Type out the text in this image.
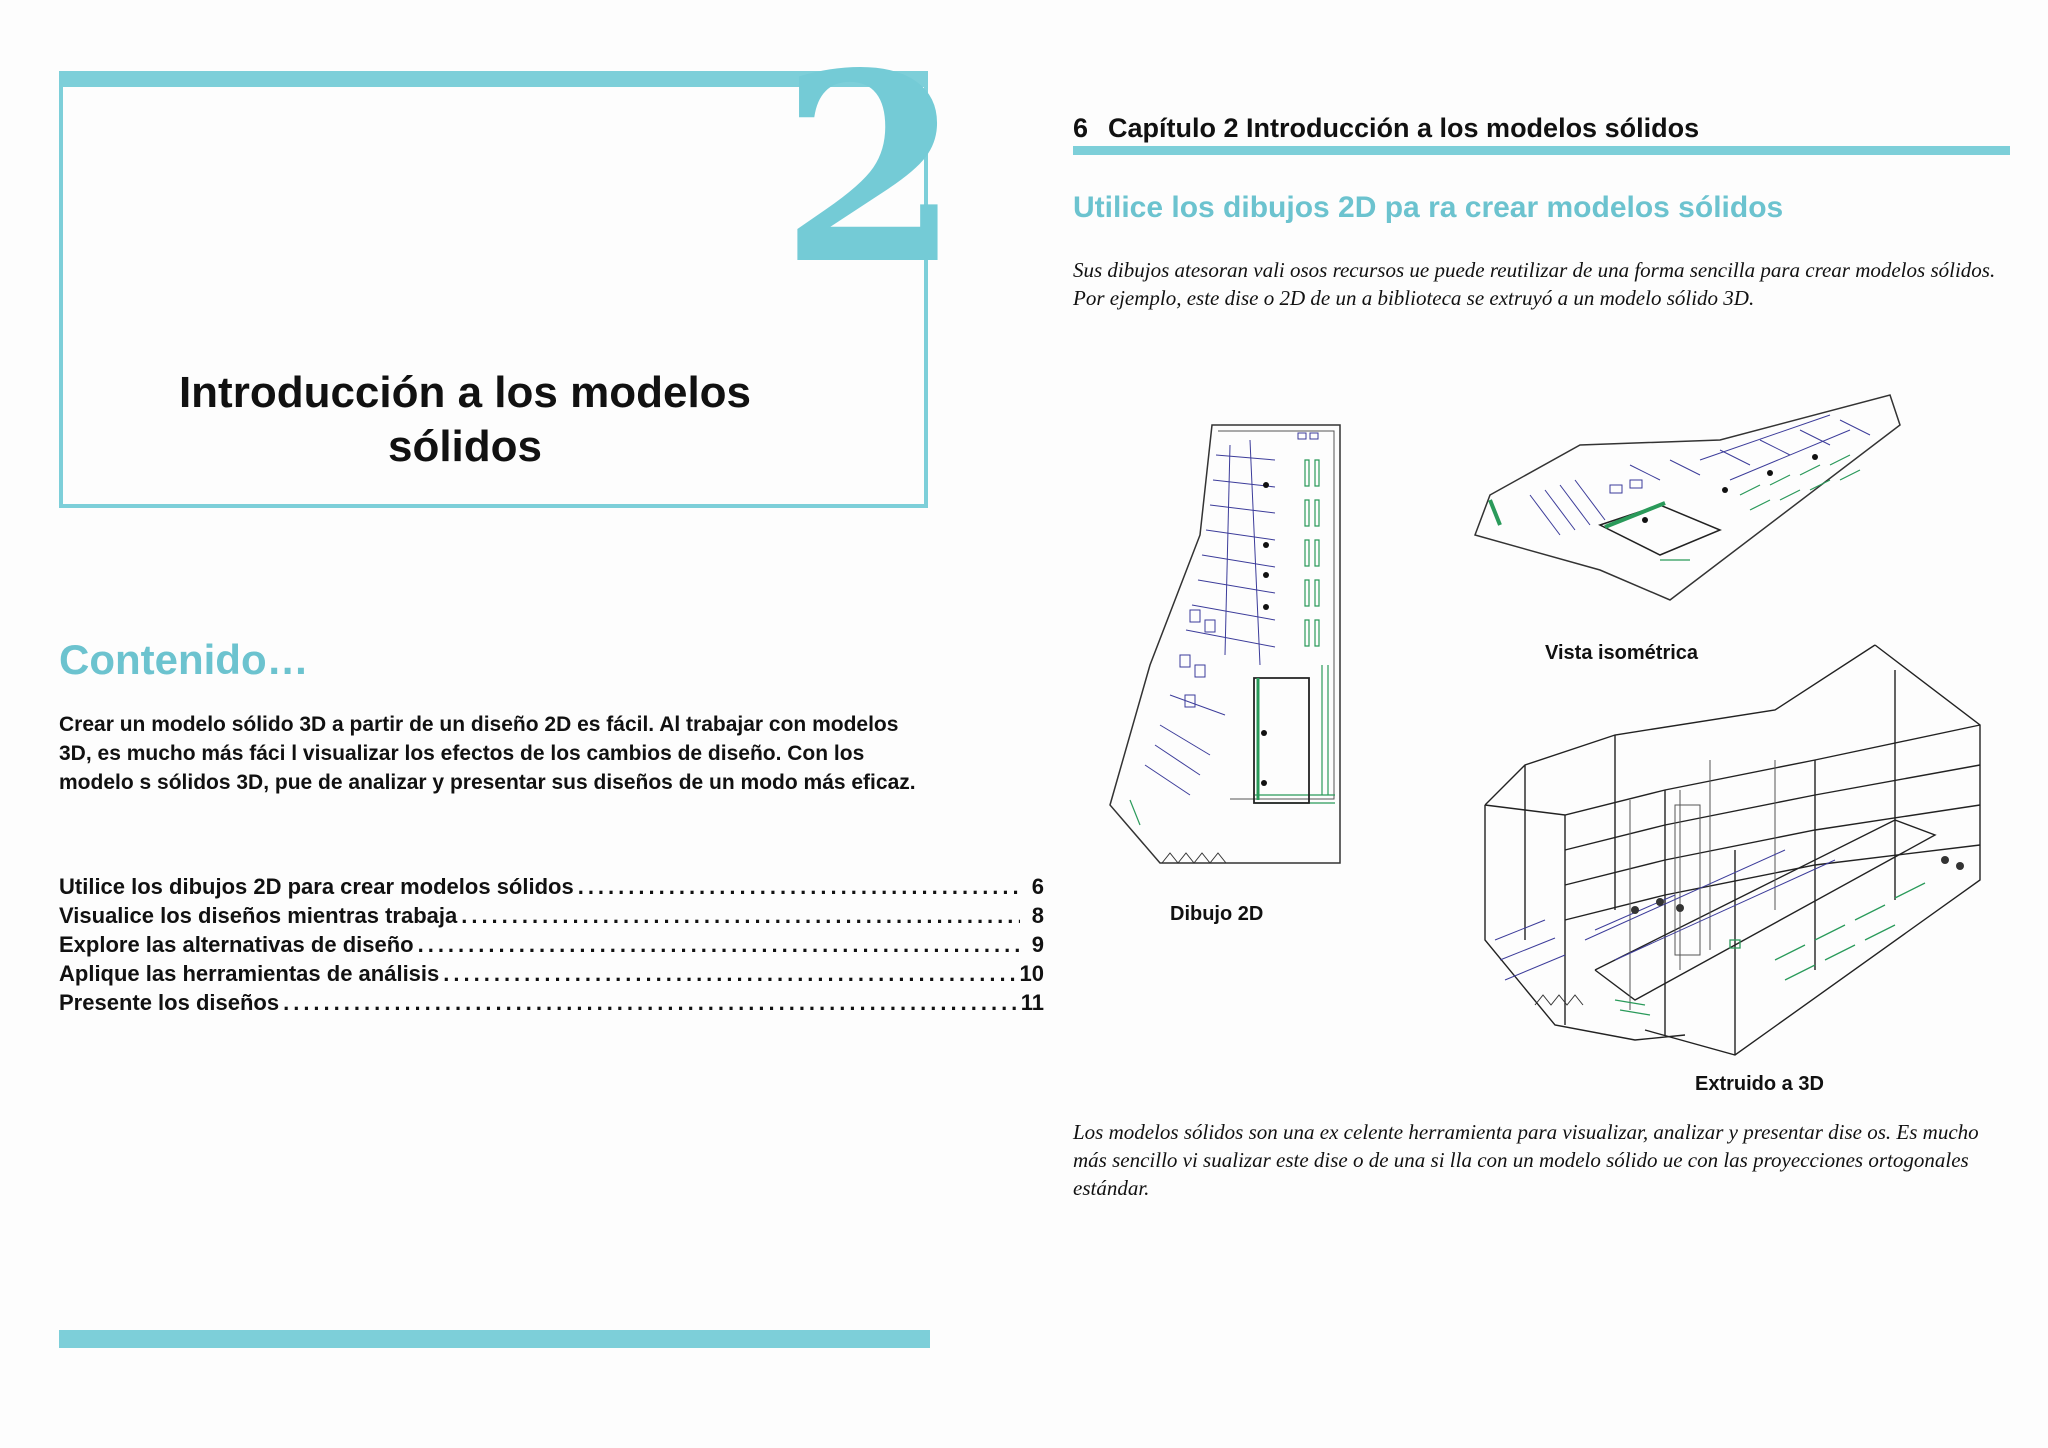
2
Introducción a los modelos
sólidos
Contenido…
Crear un modelo sólido 3D a partir de un diseño 2D es fácil. Al trabajar con modelos 3D, es mucho más fáci l visualizar los efectos de los cambios de diseño. Con los modelo s sólidos 3D, pue de analizar y presentar sus diseños de un modo más eficaz.
Utilice los dibujos 2D para crear modelos sólidos .....	6
Visualice los diseños mientras trabaja .....	8
Explore las alternativas de diseño .....	9
Aplique las herramientas de análisis .....	10
Presente los diseños .....	11
6 Capítulo 2 Introducción a los modelos sólidos
Utilice los dibujos 2D pa ra crear modelos sólidos
Sus dibujos atesoran vali osos recursos ue puede reutilizar de una forma sencilla para crear modelos sólidos. Por ejemplo, este dise o 2D de un a biblioteca se extruyó a un modelo sólido 3D.
Vista isométrica
Dibujo 2D
Extruido a 3D
Los modelos sólidos son una ex celente herramienta para visualizar, analizar y presentar dise os. Es mucho más sencillo vi sualizar este dise o de una si lla con un modelo sólido ue con las proyecciones ortogonales estándar.
